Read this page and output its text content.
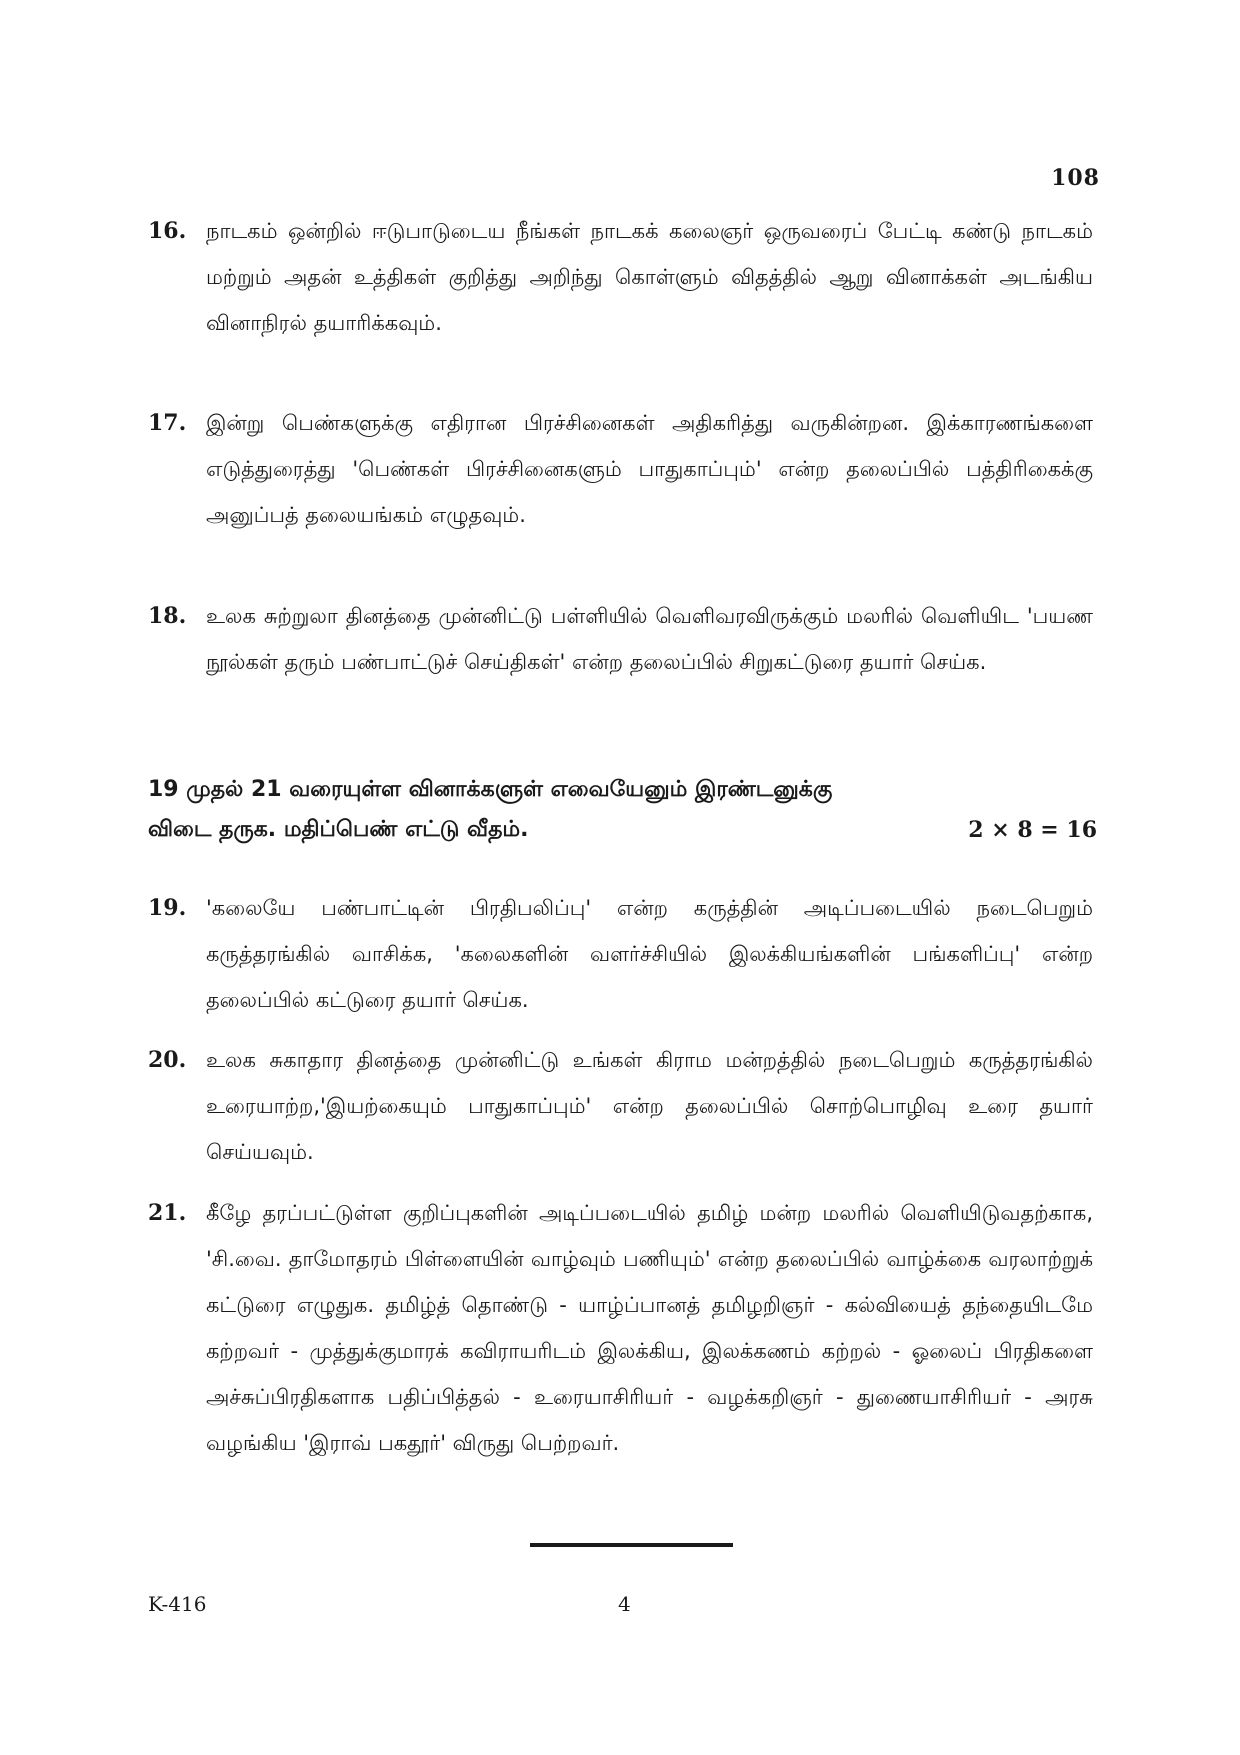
108
16. நாடகம் ஒன்றில் ஈடுபாடுடைய நீங்கள் நாடகக் கலைஞர் ஒருவரைப் பேட்டி கண்டு நாடகம் மற்றும் அதன் உத்திகள் குறித்து அறிந்து கொள்ளும் விதத்தில் ஆறு வினாக்கள் அடங்கிய வினாநிரல் தயாரிக்கவும்.
17. இன்று பெண்களுக்கு எதிரான பிரச்சினைகள் அதிகரித்து வருகின்றன. இக்காரணங்களை எடுத்துரைத்து 'பெண்கள் பிரச்சினைகளும் பாதுகாப்பும்' என்ற தலைப்பில் பத்திரிகைக்கு அனுப்பத் தலையங்கம் எழுதவும்.
18. உலக சுற்றுலா தினத்தை முன்னிட்டு பள்ளியில் வெளிவரவிருக்கும் மலரில் வெளியிட 'பயண நூல்கள் தரும் பண்பாட்டுச் செய்திகள்' என்ற தலைப்பில் சிறுகட்டுரை தயார் செய்க.
19 முதல் 21 வரையுள்ள வினாக்களுள் எவையேனும் இரண்டனுக்கு
விடை தருக. மதிப்பெண் எட்டு வீதம்.	2 × 8 = 16
19. 'கலையே பண்பாட்டின் பிரதிபலிப்பு' என்ற கருத்தின் அடிப்படையில் நடைபெறும் கருத்தரங்கில் வாசிக்க, 'கலைகளின் வளர்ச்சியில் இலக்கியங்களின் பங்களிப்பு' என்ற தலைப்பில் கட்டுரை தயார் செய்க.
20. உலக சுகாதார தினத்தை முன்னிட்டு உங்கள் கிராம மன்றத்தில் நடைபெறும் கருத்தரங்கில் உரையாற்ற,'இயற்கையும் பாதுகாப்பும்' என்ற தலைப்பில் சொற்பொழிவு உரை தயார் செய்யவும்.
21. கீழே தரப்பட்டுள்ள குறிப்புகளின் அடிப்படையில் தமிழ் மன்ற மலரில் வெளியிடுவதற்காக, 'சி.வை. தாமோதரம் பிள்ளையின் வாழ்வும் பணியும்' என்ற தலைப்பில் வாழ்க்கை வரலாற்றுக் கட்டுரை எழுதுக. தமிழ்த் தொண்டு - யாழ்ப்பானத் தமிழறிஞர் - கல்வியைத் தந்தையிடமே கற்றவர் - முத்துக்குமாரக் கவிராயரிடம் இலக்கிய, இலக்கணம் கற்றல் - ஓலைப் பிரதிகளை அச்சுப்பிரதிகளாக பதிப்பித்தல் - உரையாசிரியர் - வழக்கறிஞர் - துணையாசிரியர் - அரசு வழங்கிய 'இராவ் பகதூர்' விருது பெற்றவர்.
K-416	4
